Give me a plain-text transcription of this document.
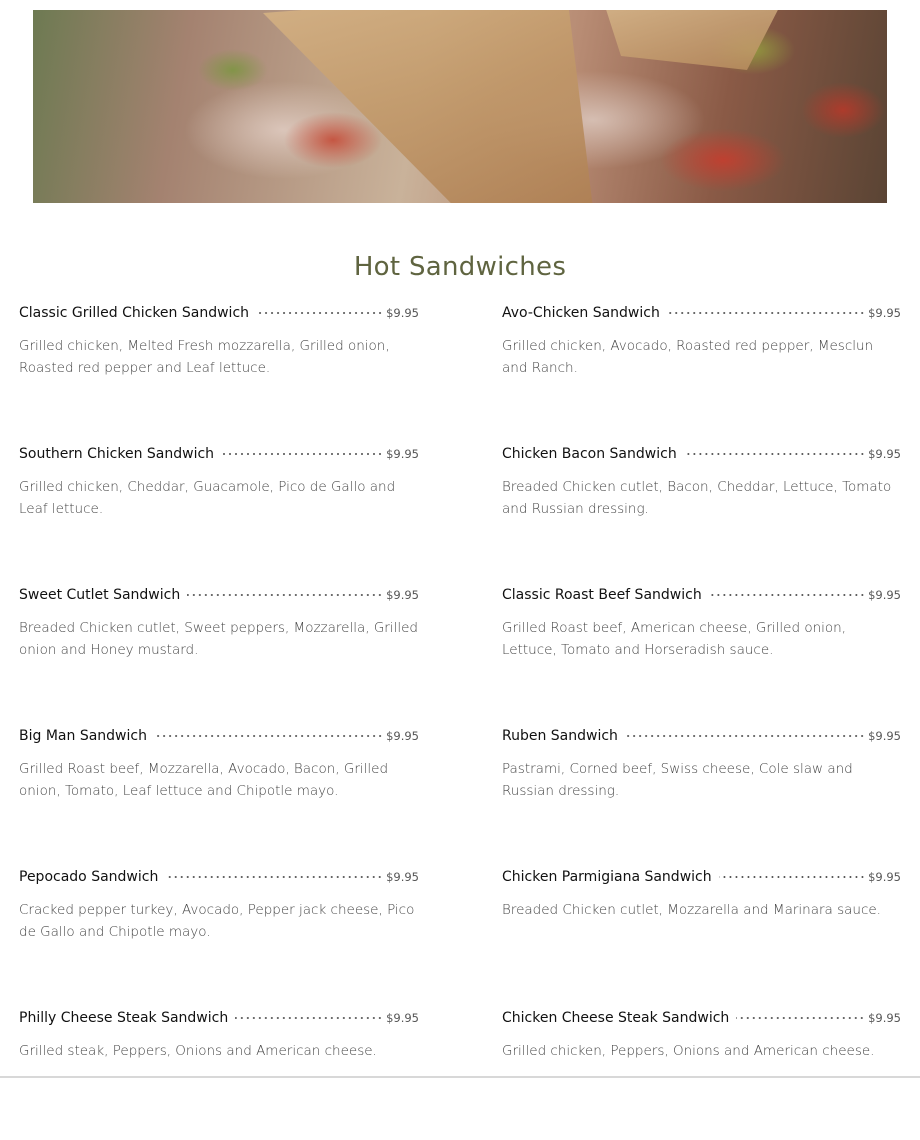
Hot Sandwiches
Classic Grilled Chicken Sandwich	$9.95
Grilled chicken, Melted Fresh mozzarella, Grilled onion, Roasted red pepper and Leaf lettuce.
Southern Chicken Sandwich	$9.95
Grilled chicken, Cheddar, Guacamole, Pico de Gallo and Leaf lettuce.
Sweet Cutlet Sandwich	$9.95
Breaded Chicken cutlet, Sweet peppers, Mozzarella, Grilled onion and Honey mustard.
Big Man Sandwich	$9.95
Grilled Roast beef, Mozzarella, Avocado, Bacon, Grilled onion, Tomato, Leaf lettuce and Chipotle mayo.
Pepocado Sandwich	$9.95
Cracked pepper turkey, Avocado, Pepper jack cheese, Pico de Gallo and Chipotle mayo.
Philly Cheese Steak Sandwich	$9.95
Grilled steak, Peppers, Onions and American cheese.
Avo-Chicken Sandwich	$9.95
Grilled chicken, Avocado, Roasted red pepper, Mesclun and Ranch.
Chicken Bacon Sandwich	$9.95
Breaded Chicken cutlet, Bacon, Cheddar, Lettuce, Tomato and Russian dressing.
Classic Roast Beef Sandwich	$9.95
Grilled Roast beef, American cheese, Grilled onion, Lettuce, Tomato and Horseradish sauce.
Ruben Sandwich	$9.95
Pastrami, Corned beef, Swiss cheese, Cole slaw and Russian dressing.
Chicken Parmigiana Sandwich	$9.95
Breaded Chicken cutlet, Mozzarella and Marinara sauce.
Chicken Cheese Steak Sandwich	$9.95
Grilled chicken, Peppers, Onions and American cheese.
